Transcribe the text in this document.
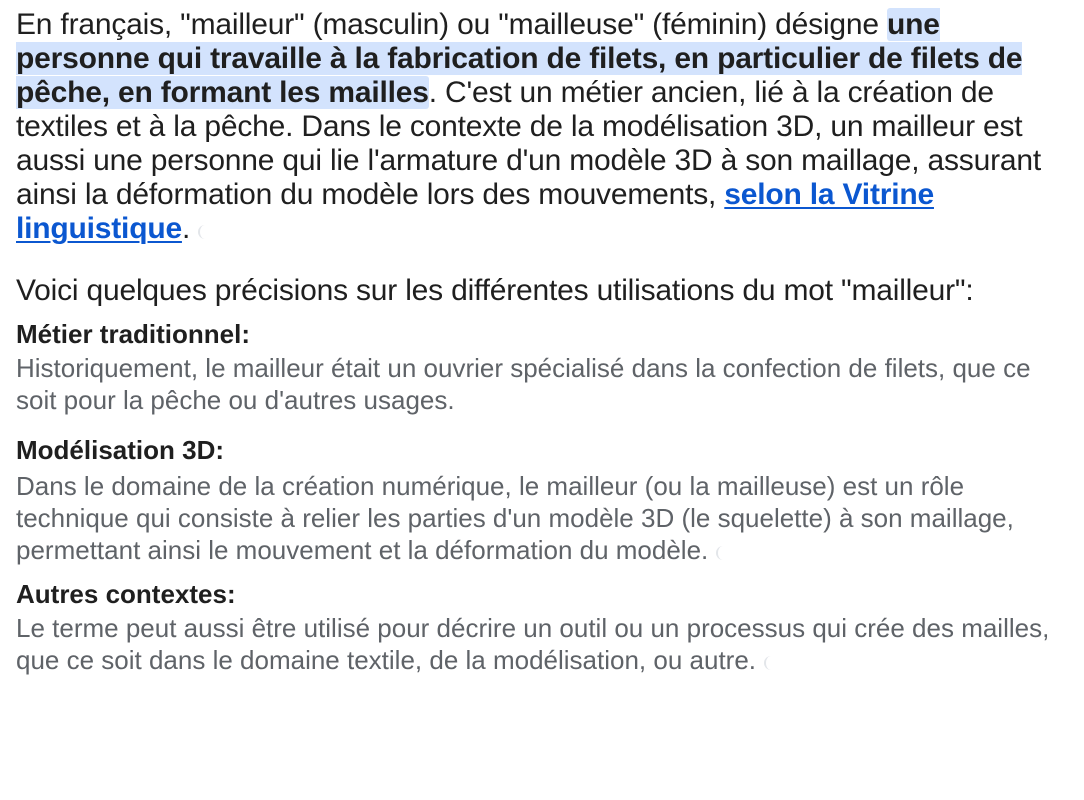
En français, "mailleur" (masculin) ou "mailleuse" (féminin) désigne une personne qui travaille à la fabrication de filets, en particulier de filets de pêche, en formant les mailles. C'est un métier ancien, lié à la création de textiles et à la pêche. Dans le contexte de la modélisation 3D, un mailleur est aussi une personne qui lie l'armature d'un modèle 3D à son maillage, assurant ainsi la déformation du modèle lors des mouvements, selon la Vitrine linguistique.

Voici quelques précisions sur les différentes utilisations du mot "mailleur":

Métier traditionnel:

Historiquement, le mailleur était un ouvrier spécialisé dans la confection de filets, que ce soit pour la pêche ou d'autres usages.

Modélisation 3D:

Dans le domaine de la création numérique, le mailleur (ou la mailleuse) est un rôle technique qui consiste à relier les parties d'un modèle 3D (le squelette) à son maillage, permettant ainsi le mouvement et la déformation du modèle.

Autres contextes:

Le terme peut aussi être utilisé pour décrire un outil ou un processus qui crée des mailles, que ce soit dans le domaine textile, de la modélisation, ou autre.
